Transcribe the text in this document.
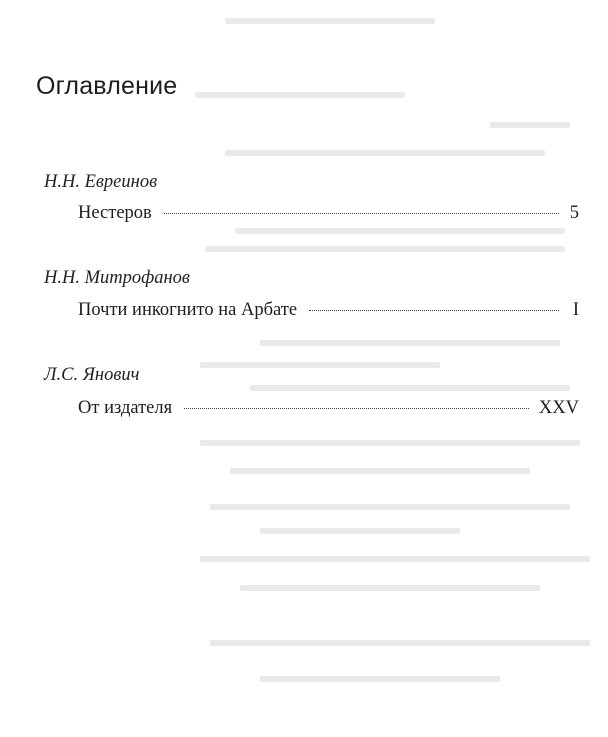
Оглавление

Н.Н. Евреинов

Нестеров	5

Н.Н. Митрофанов

Почти инкогнито на Арбате	I

Л.С. Янович

От издателя	XXV
